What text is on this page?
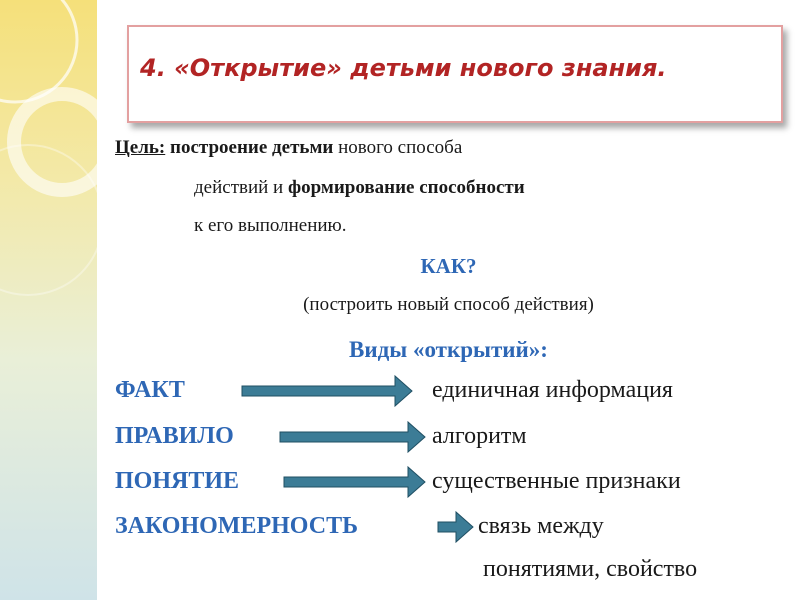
4. «Открытие» детьми нового знания.
Цель: построение детьми нового способа
действий и формирование способности
к его выполнению.
КАК?
(построить новый способ действия)
Виды «открытий»:
ФАКТ	единичная информация
ПРАВИЛО	алгоритм
ПОНЯТИЕ	существенные признаки
ЗАКОНОМЕРНОСТЬ	связь между
понятиями, свойство
